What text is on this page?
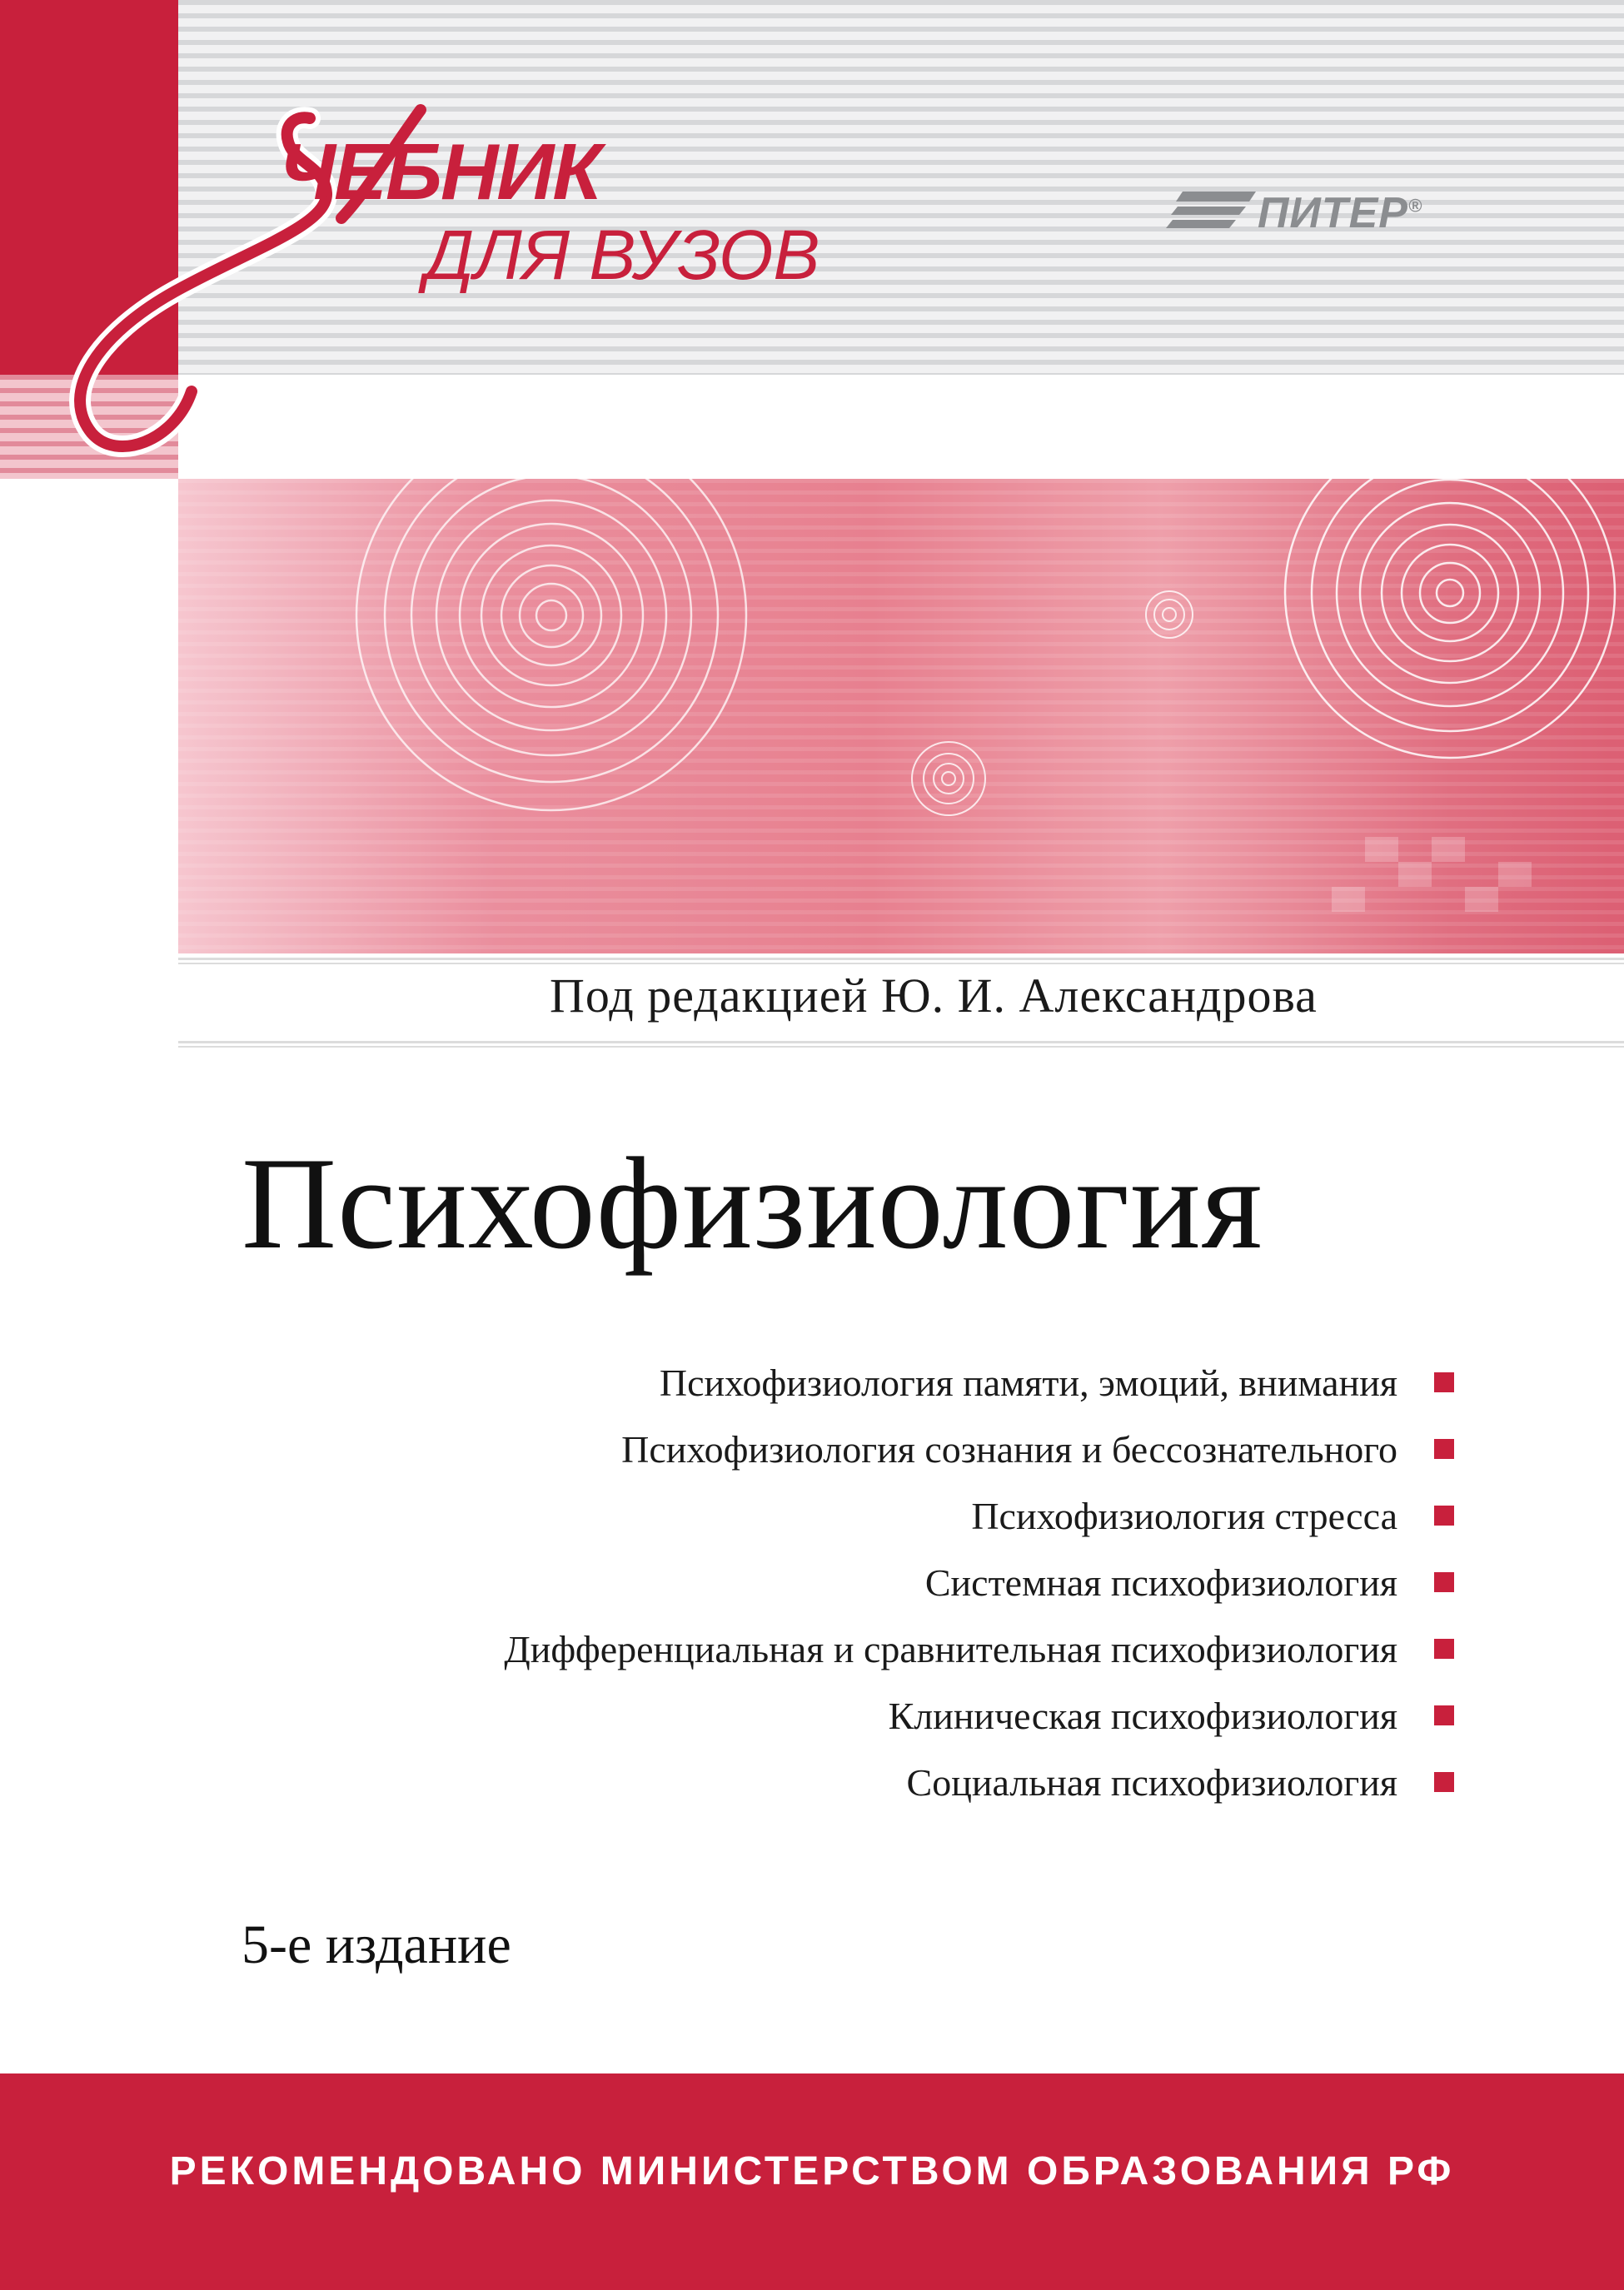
ЧЕБНИК
ДЛЯ ВУЗОВ
ПИТЕР®
Под редакцией Ю. И. Александрова
Психофизиология
Психофизиология памяти, эмоций, внимания
Психофизиология сознания и бессознательного
Психофизиология стресса
Системная психофизиология
Дифференциальная и сравнительная психофизиология
Клиническая психофизиология
Социальная психофизиология
5-е издание
РЕКОМЕНДОВАНО МИНИСТЕРСТВОМ ОБРАЗОВАНИЯ РФ
